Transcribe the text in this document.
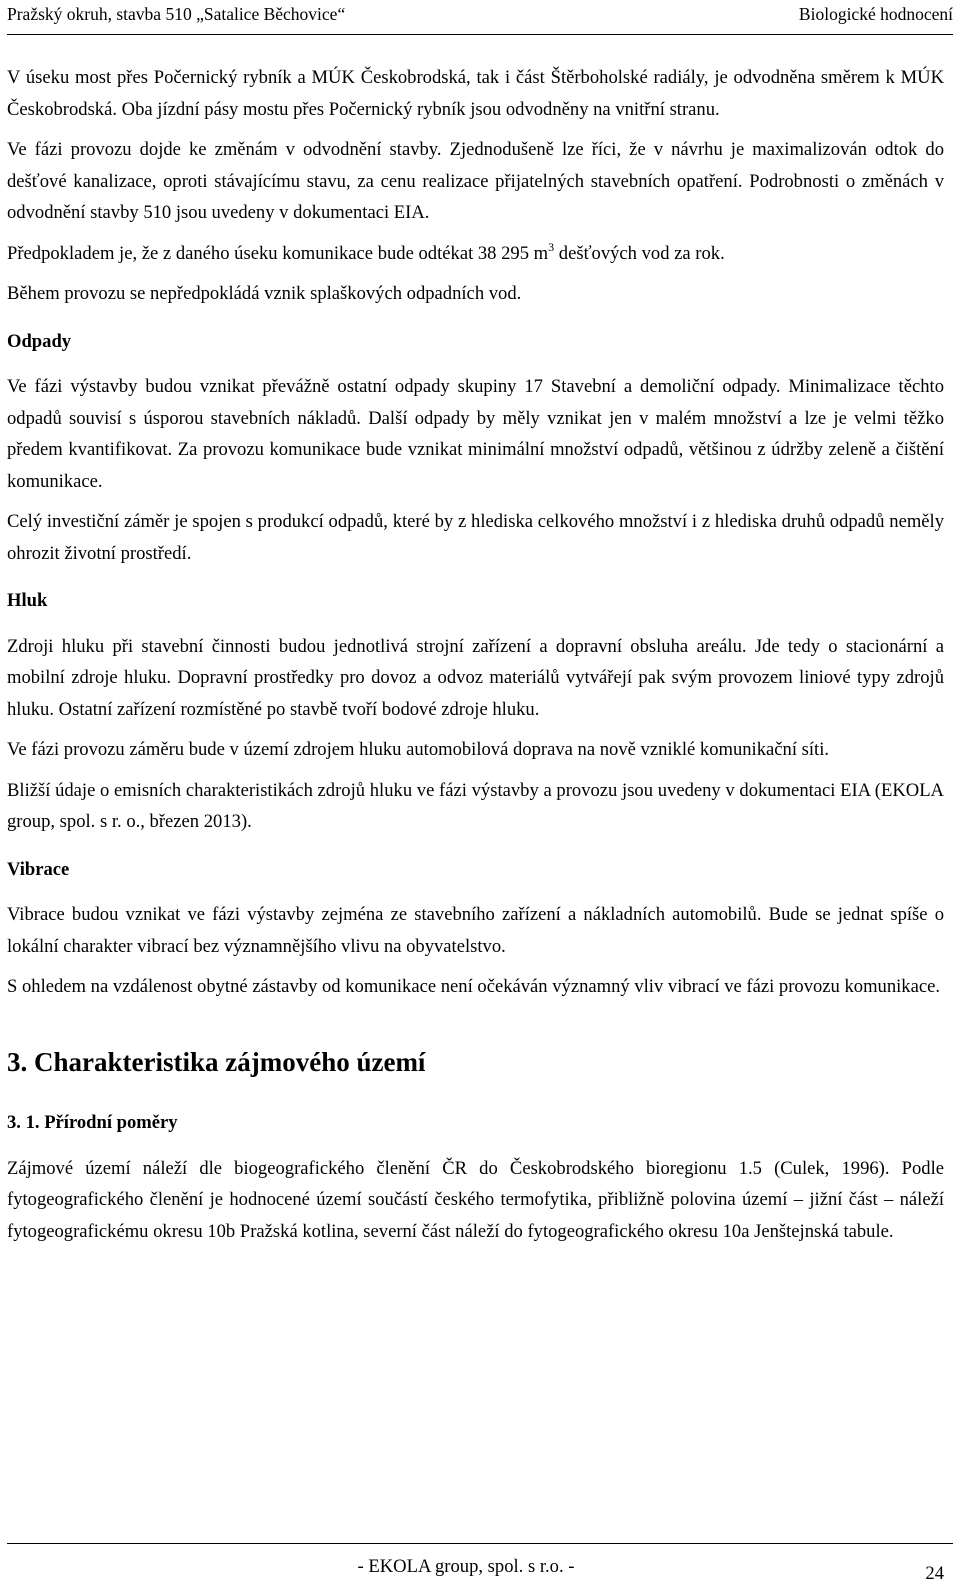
Pražský okruh, stavba 510 „Satalice Běchovice“	Biologické hodnocení

V úseku most přes Počernický rybník a MÚK Českobrodská, tak i část Štěrboholské radiály, je odvodněna směrem k MÚK Českobrodská. Oba jízdní pásy mostu přes Počernický rybník jsou odvodněny na vnitřní stranu.

Ve fázi provozu dojde ke změnám v odvodnění stavby. Zjednodušeně lze říci, že v návrhu je maximalizován odtok do dešťové kanalizace, oproti stávajícímu stavu, za cenu realizace přijatelných stavebních opatření. Podrobnosti o změnách v odvodnění stavby 510 jsou uvedeny v dokumentaci EIA.

Předpokladem je, že z daného úseku komunikace bude odtékat 38 295 $m^3$ dešťových vod za rok.

Během provozu se nepředpokládá vznik splaškových odpadních vod.

Odpady

Ve fázi výstavby budou vznikat převážně ostatní odpady skupiny 17 Stavební a demoliční odpady. Minimalizace těchto odpadů souvisí s úsporou stavebních nákladů. Další odpady by měly vznikat jen v malém množství a lze je velmi těžko předem kvantifikovat. Za provozu komunikace bude vznikat minimální množství odpadů, většinou z údržby zeleně a čištění komunikace.

Celý investiční záměr je spojen s produkcí odpadů, které by z hlediska celkového množství i z hlediska druhů odpadů neměly ohrozit životní prostředí.

Hluk

Zdroji hluku při stavební činnosti budou jednotlivá strojní zařízení a dopravní obsluha areálu. Jde tedy o stacionární a mobilní zdroje hluku. Dopravní prostředky pro dovoz a odvoz materiálů vytvářejí pak svým provozem liniové typy zdrojů hluku. Ostatní zařízení rozmístěné po stavbě tvoří bodové zdroje hluku.

Ve fázi provozu záměru bude v území zdrojem hluku automobilová doprava na nově vzniklé komunikační síti.

Bližší údaje o emisních charakteristikách zdrojů hluku ve fázi výstavby a provozu jsou uvedeny v dokumentaci EIA (EKOLA group, spol. s r. o., březen 2013).

Vibrace

Vibrace budou vznikat ve fázi výstavby zejména ze stavebního zařízení a nákladních automobilů. Bude se jednat spíše o lokální charakter vibrací bez významnějšího vlivu na obyvatelstvo.

S ohledem na vzdálenost obytné zástavby od komunikace není očekáván významný vliv vibrací ve fázi provozu komunikace.

3. Charakteristika zájmového území
3. 1. Přírodní poměry

Zájmové území náleží dle biogeografického členění ČR do Českobrodského bioregionu 1.5 (Culek, 1996). Podle fytogeografického členění je hodnocené území součástí českého termofytika, přibližně polovina území – jižní část – náleží fytogeografickému okresu 10b Pražská kotlina, severní část náleží do fytogeografického okresu 10a Jenštejnská tabule.

- EKOLA group, spol. s r.o. -	24
